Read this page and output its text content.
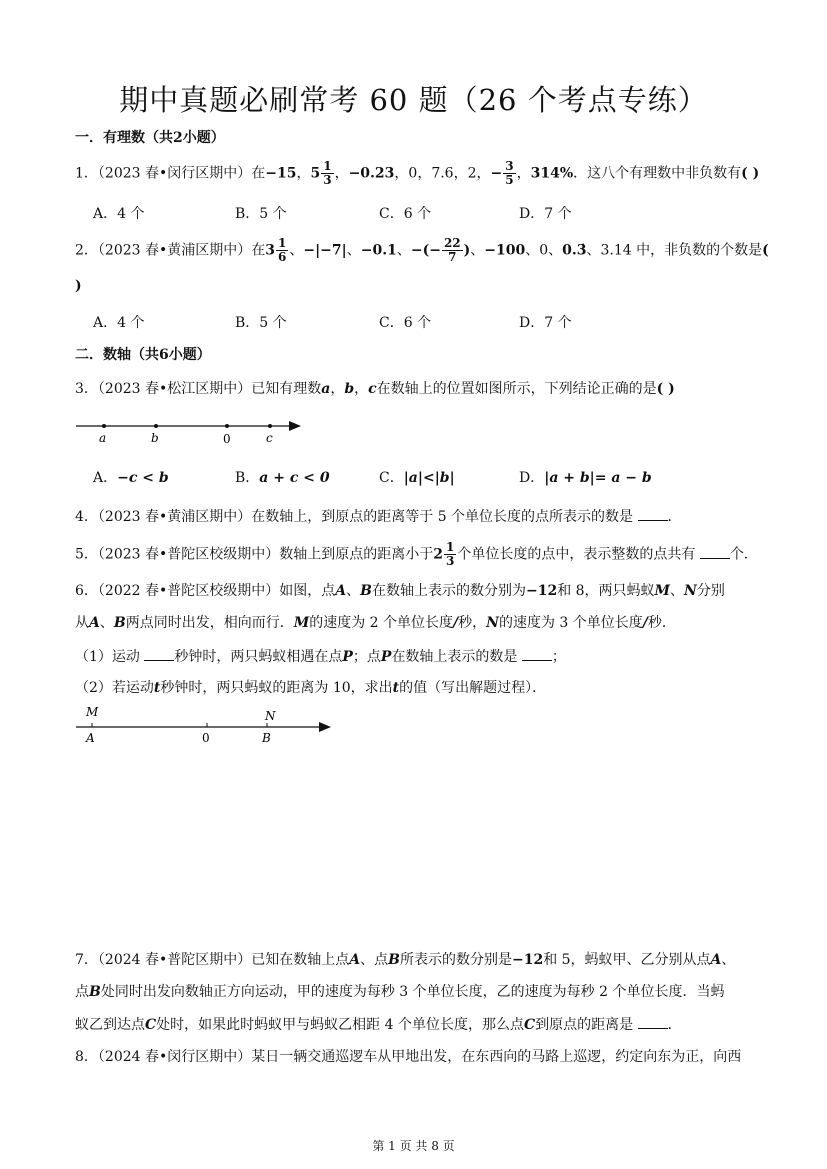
期中真题必刷常考 60 题（26 个考点专练）
一．有理数（共2小题）
1．（2023 春•闵行区期中）在−15，$5 \frac{1}{3}$ ，−0.23，0，7.6，2，− $\frac{3}{5}$ ，314%．这八个有理数中非负数有( )
A．4 个	B．5 个	C．6 个	D．7 个
2．（2023 春•黄浦区期中）在$3 \frac{1}{6}$ 、−|−7|、−0.1、−(− $\frac{22}{7}$ )、−100、0、0.3̇、3.14 中，非负数的个数是(
)
A．4 个	B．5 个	C．6 个	D．7 个
二．数轴（共6小题）
3．（2023 春•松江区期中）已知有理数a，b，c在数轴上的位置如图所示，下列结论正确的是( )
a	b	0	c
A．−c < b	B．a + c < 0	C．|a|<|b|	D．|a + b|= a − b
4．（2023 春•黄浦区期中）在数轴上，到原点的距离等于 5 个单位长度的点所表示的数是 ．
5．（2023 春•普陀区校级期中）数轴上到原点的距离小于$2 \frac{1}{3}$ 个单位长度的点中，表示整数的点共有 个．
6．（2022 春•普陀区校级期中）如图，点A、B在数轴上表示的数分别为−12和 8，两只蚂蚁M、N分别
从A、B两点同时出发，相向而行．M的速度为 2 个单位长度/秒，N的速度为 3 个单位长度/秒．
（1）运动 秒钟时，两只蚂蚁相遇在点P；点P在数轴上表示的数是 ；
（2）若运动t秒钟时，两只蚂蚁的距离为 10，求出t的值（写出解题过程）．
M
A	0
N
B
7．（2024 春•普陀区期中）已知在数轴上点A、点B所表示的数分别是−12和 5，蚂蚁甲、乙分别从点A、
点B处同时出发向数轴正方向运动，甲的速度为每秒 3 个单位长度，乙的速度为每秒 2 个单位长度．当蚂
蚁乙到达点C处时，如果此时蚂蚁甲与蚂蚁乙相距 4 个单位长度，那么点C到原点的距离是 ．
8．（2024 春•闵行区期中）某日一辆交通巡逻车从甲地出发，在东西向的马路上巡逻，约定向东为正，向西
第 1 页 共 8 页
